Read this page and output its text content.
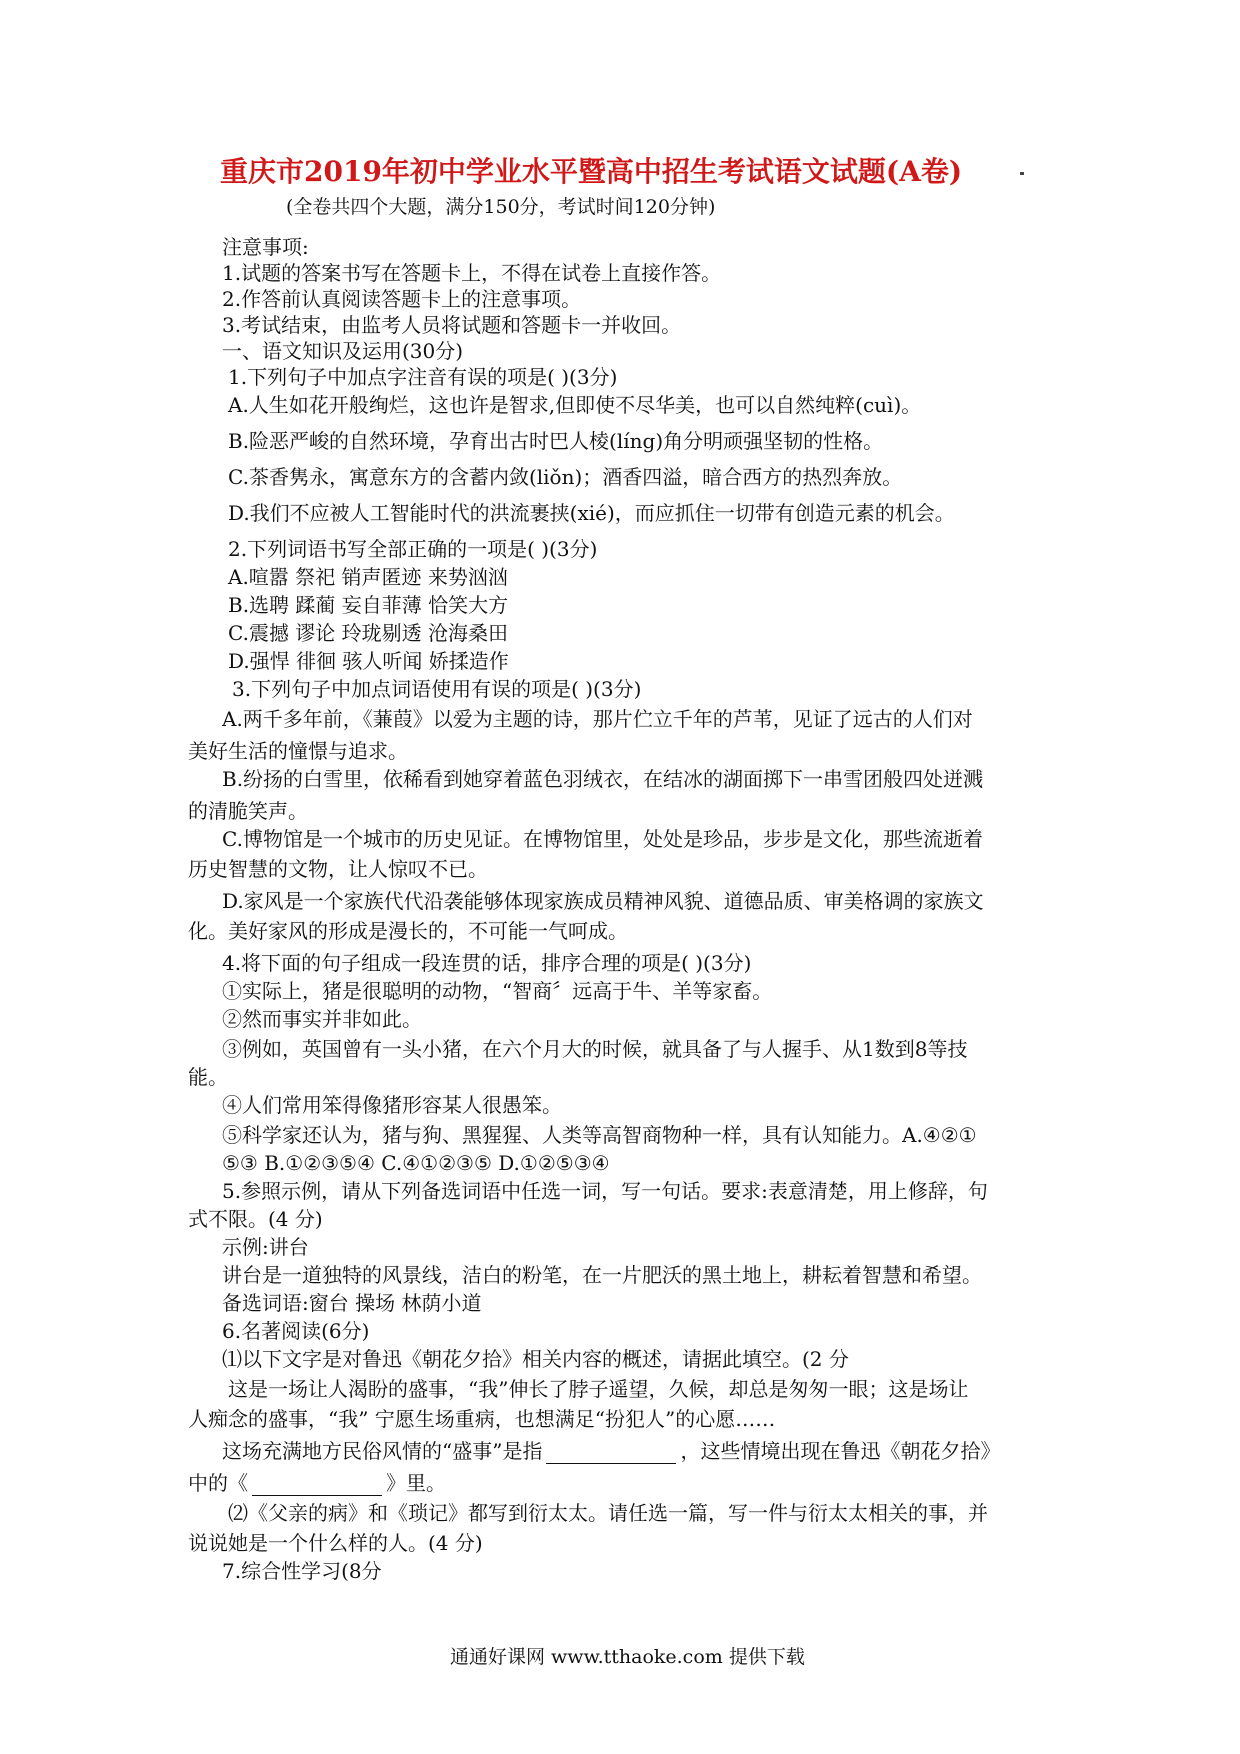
重庆市2019年初中学业水平暨高中招生考试语文试题(A卷)
(全卷共四个大题，满分150分，考试时间120分钟)
注意事项:
1.试题的答案书写在答题卡上，不得在试卷上直接作答。
2.作答前认真阅读答题卡上的注意事项。
3.考试结束，由监考人员将试题和答题卡一并收回。
一、语文知识及运用(30分)
1.下列句子中加点字注音有误的项是( )(3分)
A.人生如花开般绚烂，这也许是智求,但即使不尽华美，也可以自然纯粹(cuì)。
B.险恶严峻的自然环境，孕育出古时巴人棱(líng)角分明顽强坚韧的性格。
C.茶香隽永，寓意东方的含蓄内敛(liǒn)；酒香四溢，暗合西方的热烈奔放。
D.我们不应被人工智能时代的洪流裹挟(xié)，而应抓住一切带有创造元素的机会。
2.下列词语书写全部正确的一项是( )(3分)
A.喧嚣 祭祀 销声匿迹 来势汹汹
B.选聘 蹂蔺 妄自菲薄 恰笑大方
C.震撼 谬论 玲珑剔透 沧海桑田
D.强悍 徘徊 骇人听闻 娇揉造作
3.下列句子中加点词语使用有误的项是( )(3分)
A.两千多年前，《蒹葭》以爱为主题的诗，那片伫立千年的芦苇，见证了远古的人们对
美好生活的憧憬与追求。
B.纷扬的白雪里，依稀看到她穿着蓝色羽绒衣，在结冰的湖面掷下一串雪团般四处迸溅
的清脆笑声。
C.博物馆是一个城市的历史见证。在博物馆里，处处是珍品，步步是文化，那些流逝着
历史智慧的文物，让人惊叹不已。
D.家风是一个家族代代沿袭能够体现家族成员精神风貌、道德品质、审美格调的家族文
化。美好家风的形成是漫长的，不可能一气呵成。
4.将下面的句子组成一段连贯的话，排序合理的项是( )(3分)
①实际上，猪是很聪明的动物，“智商〞远高于牛、羊等家畜。
②然而事实并非如此。
③例如，英国曾有一头小猪，在六个月大的时候，就具备了与人握手、从1数到8等技
能。
④人们常用笨得像猪形容某人很愚笨。
⑤科学家还认为，猪与狗、黑猩猩、人类等高智商物种一样，具有认知能力。A.④②①
⑤③ B.①②③⑤④ C.④①②③⑤ D.①②⑤③④
5.参照示例，请从下列备选词语中任选一词，写一句话。要求:表意清楚，用上修辞，句
式不限。(4 分)
示例:讲台
讲台是一道独特的风景线，洁白的粉笔，在一片肥沃的黑土地上，耕耘着智慧和希望。
备选词语:窗台 操场 林荫小道
6.名著阅读(6分)
⑴以下文字是对鲁迅《朝花夕拾》相关内容的概述，请据此填空。(2 分
这是一场让人渴盼的盛事，“我”伸长了脖子遥望，久候，却总是匆匆一眼；这是场让
人痴念的盛事，“我” 宁愿生场重病，也想满足“扮犯人”的心愿……
这场充满地方民俗风情的“盛事”是指	，这些情境出现在鲁迅《朝花夕拾》
中的《	》里。
⑵《父亲的病》和《琐记》都写到衍太太。请任选一篇，写一件与衍太太相关的事，并
说说她是一个什么样的人。(4 分)
7.综合性学习(8分
通通好课网 www.tthaoke.com 提供下载
